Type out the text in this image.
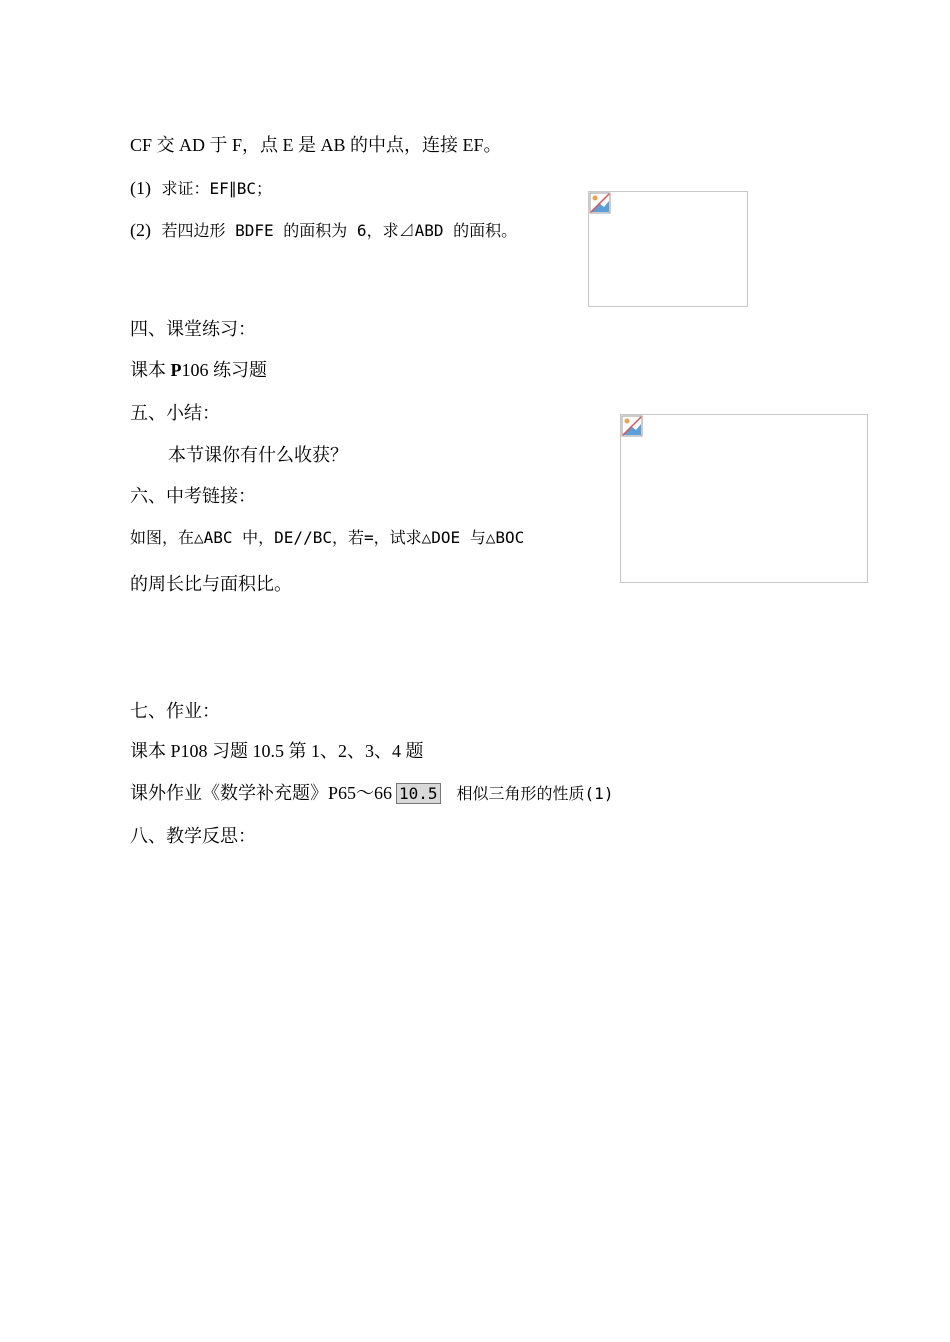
CF 交 AD 于 F，点 E 是 AB 的中点，连接 EF。
(1) 求证：EF∥BC；
(2) 若四边形 BDFE 的面积为 6，求⊿ABD 的面积。
四、课堂练习：
课本 P106 练习题
五、小结：
本节课你有什么收获？
六、中考链接：
如图，在△ABC 中，DE//BC，若=，试求△DOE 与△BOC
的周长比与面积比。
七、作业：
课本 P108 习题 10.5 第 1、2、3、4 题
课外作业《数学补充题》P65～66 10.5 相似三角形的性质(1)
八、教学反思：
